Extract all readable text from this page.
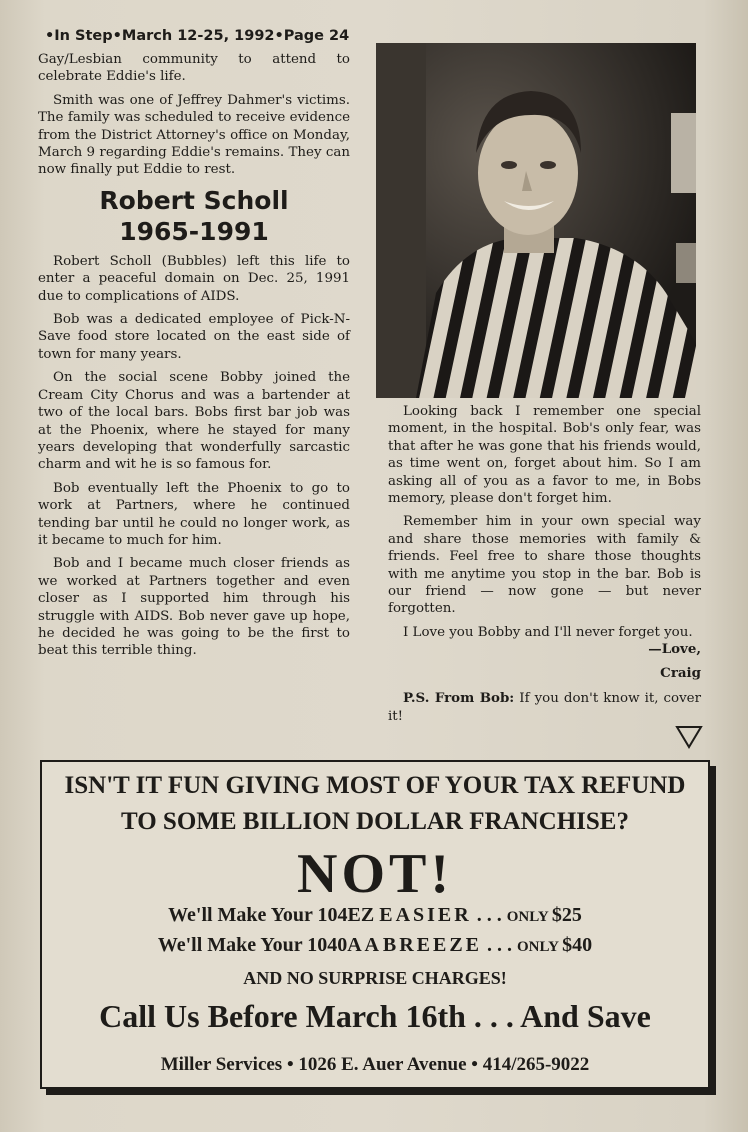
•In Step•March 12-25, 1992•Page 24

Gay/Lesbian community to attend to celebrate Eddie's life.

Smith was one of Jeffrey Dahmer's victims. The family was scheduled to receive evidence from the District Attorney's office on Monday, March 9 regarding Eddie's remains. They can now finally put Eddie to rest.

Robert Scholl
1965-1991

Robert Scholl (Bubbles) left this life to enter a peaceful domain on Dec. 25, 1991 due to complications of AIDS.

Bob was a dedicated employee of Pick-N-Save food store located on the east side of town for many years.

On the social scene Bobby joined the Cream City Chorus and was a bartender at two of the local bars. Bobs first bar job was at the Phoenix, where he stayed for many years developing that wonderfully sarcastic charm and wit he is so famous for.

Bob eventually left the Phoenix to go to work at Partners, where he continued tending bar until he could no longer work, as it became to much for him.

Bob and I became much closer friends as we worked at Partners together and even closer as I supported him through his struggle with AIDS. Bob never gave up hope, he decided he was going to be the first to beat this terrible thing.

Looking back I remember one special moment, in the hospital. Bob's only fear, was that after he was gone that his friends would, as time went on, forget about him. So I am asking all of you as a favor to me, in Bobs memory, please don't forget him.

Remember him in your own special way and share those memories with family & friends. Feel free to share those thoughts with me anytime you stop in the bar. Bob is our friend — now gone — but never forgotten.

I Love you Bobby and I'll never forget you.

—Love,

Craig

P.S. From Bob: If you don't know it, cover it!

ISN'T IT FUN GIVING MOST OF YOUR TAX REFUND
TO SOME BILLION DOLLAR FRANCHISE?
NOT!
We'll Make Your 104EZ EASIER . . . ONLY $25
We'll Make Your 1040A A BREEZE . . . ONLY $40
AND NO SURPRISE CHARGES!
Call Us Before March 16th . . . And Save
Miller Services • 1026 E. Auer Avenue • 414/265-9022
